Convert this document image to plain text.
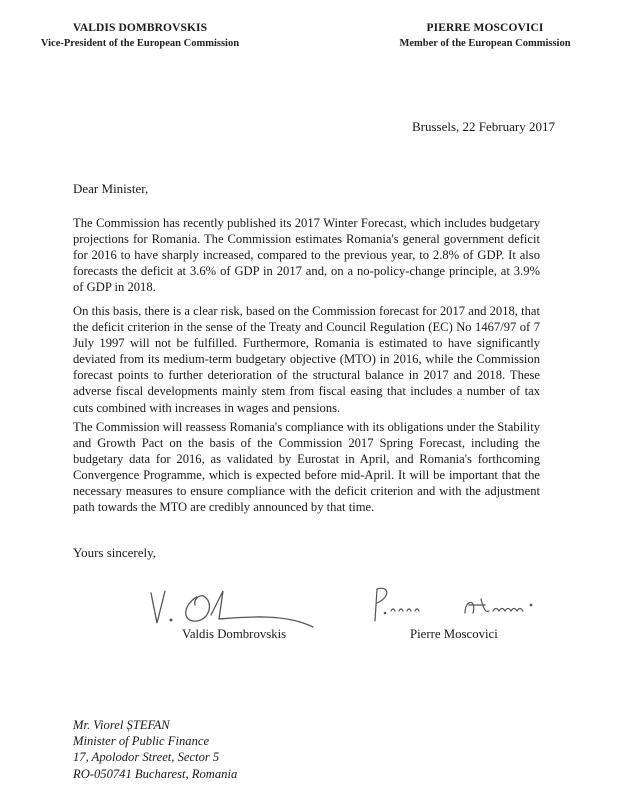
VALDIS DOMBROVSKIS
Vice-President of the European Commission
PIERRE MOSCOVICI
Member of the European Commission
Brussels, 22 February 2017
Dear Minister,

The Commission has recently published its 2017 Winter Forecast, which includes budgetary projections for Romania. The Commission estimates Romania's general government deficit for 2016 to have sharply increased, compared to the previous year, to 2.8% of GDP. It also forecasts the deficit at 3.6% of GDP in 2017 and, on a no-policy-change principle, at 3.9% of GDP in 2018.

On this basis, there is a clear risk, based on the Commission forecast for 2017 and 2018, that the deficit criterion in the sense of the Treaty and Council Regulation (EC) No 1467/97 of 7 July 1997 will not be fulfilled. Furthermore, Romania is estimated to have significantly deviated from its medium-term budgetary objective (MTO) in 2016, while the Commission forecast points to further deterioration of the structural balance in 2017 and 2018. These adverse fiscal developments mainly stem from fiscal easing that includes a number of tax cuts combined with increases in wages and pensions.

The Commission will reassess Romania's compliance with its obligations under the Stability and Growth Pact on the basis of the Commission 2017 Spring Forecast, including the budgetary data for 2016, as validated by Eurostat in April, and Romania's forthcoming Convergence Programme, which is expected before mid-April. It will be important that the necessary measures to ensure compliance with the deficit criterion and with the adjustment path towards the MTO are credibly announced by that time.

Yours sincerely,
Valdis Dombrovskis	Pierre Moscovici
Mr. Viorel ȘTEFAN
Minister of Public Finance
17, Apolodor Street, Sector 5
RO-050741 Bucharest, Romania
